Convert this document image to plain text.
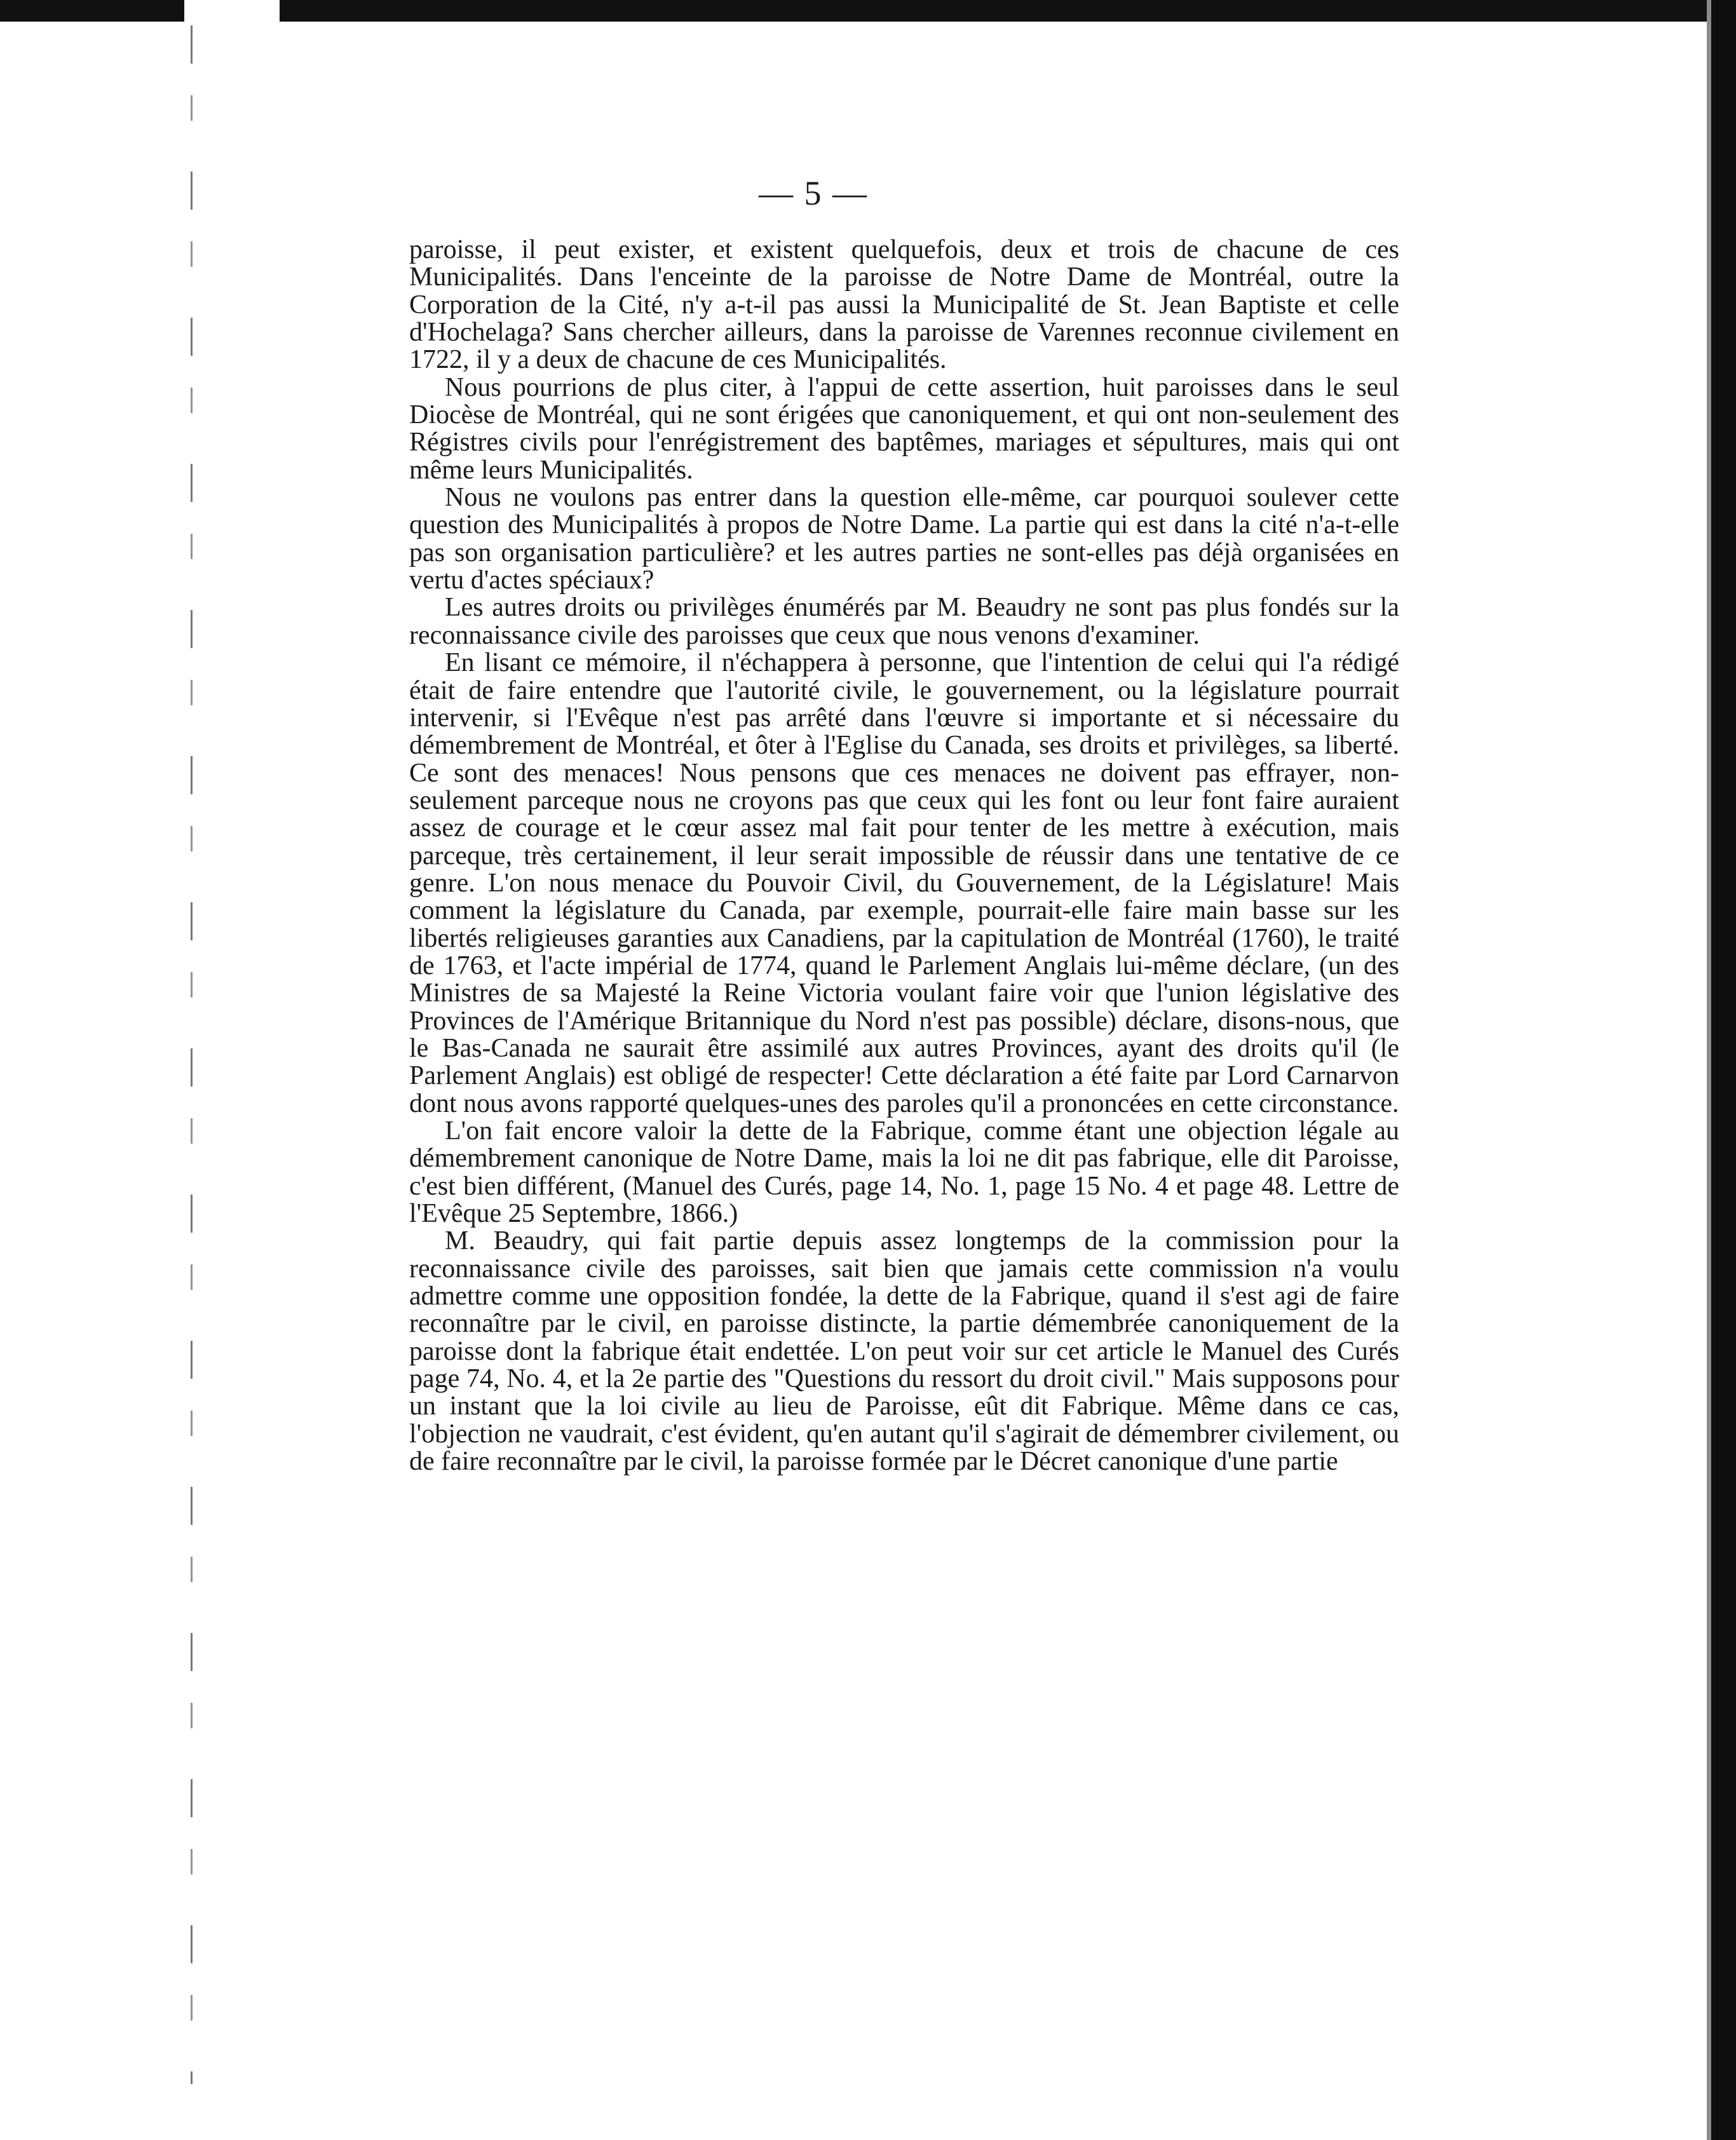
— 5 —

paroisse, il peut exister, et existent quelquefois, deux et trois de chacune de ces Municipalités. Dans l'enceinte de la paroisse de Notre Dame de Montréal, outre la Corporation de la Cité, n'y a-t-il pas aussi la Municipalité de St. Jean Baptiste et celle d'Hochelaga? Sans chercher ailleurs, dans la paroisse de Varennes reconnue civilement en 1722, il y a deux de chacune de ces Municipalités.

Nous pourrions de plus citer, à l'appui de cette assertion, huit paroisses dans le seul Diocèse de Montréal, qui ne sont érigées que canoniquement, et qui ont non-seulement des Régistres civils pour l'enrégistrement des baptêmes, mariages et sépultures, mais qui ont même leurs Municipalités.

Nous ne voulons pas entrer dans la question elle-même, car pourquoi soulever cette question des Municipalités à propos de Notre Dame. La partie qui est dans la cité n'a-t-elle pas son organisation particulière? et les autres parties ne sont-elles pas déjà organisées en vertu d'actes spéciaux?

Les autres droits ou privilèges énumérés par M. Beaudry ne sont pas plus fondés sur la reconnaissance civile des paroisses que ceux que nous venons d'examiner.

En lisant ce mémoire, il n'échappera à personne, que l'intention de celui qui l'a rédigé était de faire entendre que l'autorité civile, le gouvernement, ou la législature pourrait intervenir, si l'Evêque n'est pas arrêté dans l'œuvre si importante et si nécessaire du démembrement de Montréal, et ôter à l'Eglise du Canada, ses droits et privilèges, sa liberté. Ce sont des menaces! Nous pensons que ces menaces ne doivent pas effrayer, non-seulement parceque nous ne croyons pas que ceux qui les font ou leur font faire auraient assez de courage et le cœur assez mal fait pour tenter de les mettre à exécution, mais parceque, très certainement, il leur serait impossible de réussir dans une tentative de ce genre. L'on nous menace du Pouvoir Civil, du Gouvernement, de la Législature! Mais comment la législature du Canada, par exemple, pourrait-elle faire main basse sur les libertés religieuses garanties aux Canadiens, par la capitulation de Montréal (1760), le traité de 1763, et l'acte impérial de 1774, quand le Parlement Anglais lui-même déclare, (un des Ministres de sa Majesté la Reine Victoria voulant faire voir que l'union législative des Provinces de l'Amérique Britannique du Nord n'est pas possible) déclare, disons-nous, que le Bas-Canada ne saurait être assimilé aux autres Provinces, ayant des droits qu'il (le Parlement Anglais) est obligé de respecter! Cette déclaration a été faite par Lord Carnarvon dont nous avons rapporté quelques-unes des paroles qu'il a prononcées en cette circonstance.

L'on fait encore valoir la dette de la Fabrique, comme étant une objection légale au démembrement canonique de Notre Dame, mais la loi ne dit pas fabrique, elle dit Paroisse, c'est bien différent, (Manuel des Curés, page 14, No. 1, page 15 No. 4 et page 48. Lettre de l'Evêque 25 Septembre, 1866.)

M. Beaudry, qui fait partie depuis assez longtemps de la commission pour la reconnaissance civile des paroisses, sait bien que jamais cette commission n'a voulu admettre comme une opposition fondée, la dette de la Fabrique, quand il s'est agi de faire reconnaître par le civil, en paroisse distincte, la partie démembrée canoniquement de la paroisse dont la fabrique était endettée. L'on peut voir sur cet article le Manuel des Curés page 74, No. 4, et la 2e partie des "Questions du ressort du droit civil." Mais supposons pour un instant que la loi civile au lieu de Paroisse, eût dit Fabrique. Même dans ce cas, l'objection ne vaudrait, c'est évident, qu'en autant qu'il s'agirait de démembrer civilement, ou de faire reconnaître par le civil, la paroisse formée par le Décret canonique d'une partie
